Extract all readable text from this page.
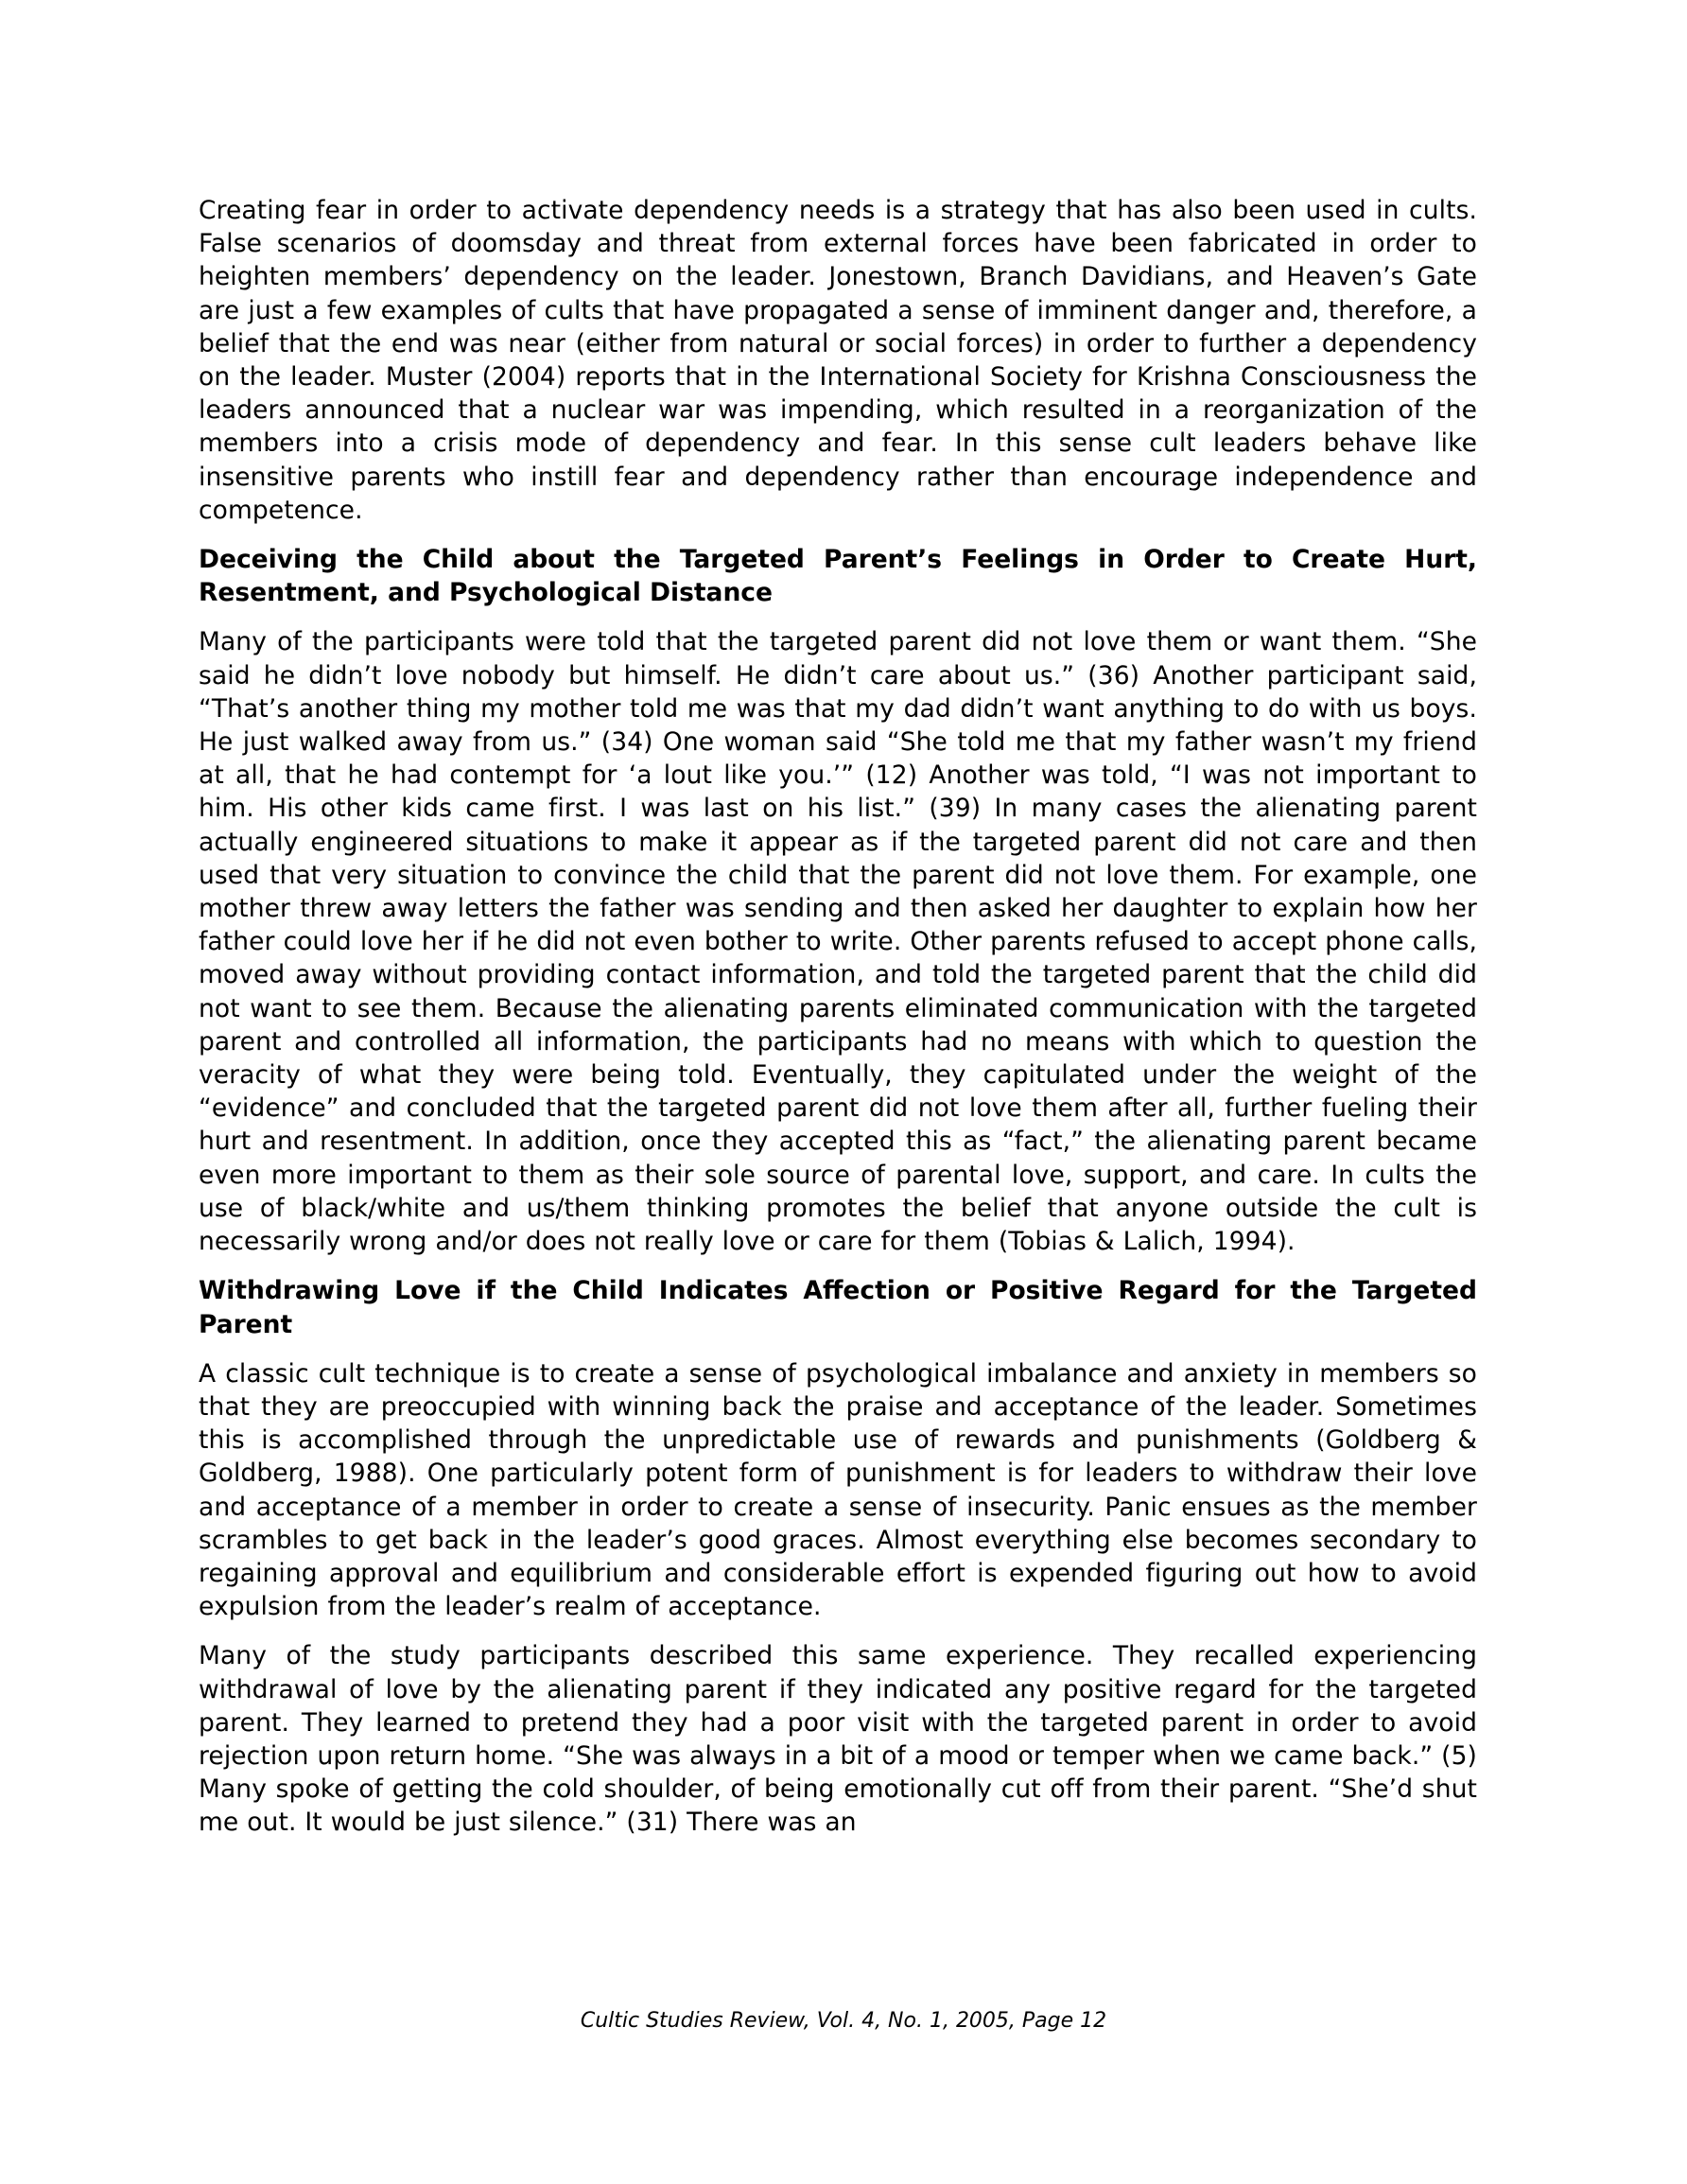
Creating fear in order to activate dependency needs is a strategy that has also been used in cults. False scenarios of doomsday and threat from external forces have been fabricated in order to heighten members’ dependency on the leader. Jonestown, Branch Davidians, and Heaven’s Gate are just a few examples of cults that have propagated a sense of imminent danger and, therefore, a belief that the end was near (either from natural or social forces) in order to further a dependency on the leader. Muster (2004) reports that in the International Society for Krishna Consciousness the leaders announced that a nuclear war was impending, which resulted in a reorganization of the members into a crisis mode of dependency and fear. In this sense cult leaders behave like insensitive parents who instill fear and dependency rather than encourage independence and competence.

Deceiving the Child about the Targeted Parent’s Feelings in Order to Create Hurt, Resentment, and Psychological Distance

Many of the participants were told that the targeted parent did not love them or want them. “She said he didn’t love nobody but himself. He didn’t care about us.” (36) Another participant said, “That’s another thing my mother told me was that my dad didn’t want anything to do with us boys. He just walked away from us.” (34) One woman said “She told me that my father wasn’t my friend at all, that he had contempt for ‘a lout like you.’” (12) Another was told, “I was not important to him. His other kids came first. I was last on his list.” (39) In many cases the alienating parent actually engineered situations to make it appear as if the targeted parent did not care and then used that very situation to convince the child that the parent did not love them. For example, one mother threw away letters the father was sending and then asked her daughter to explain how her father could love her if he did not even bother to write. Other parents refused to accept phone calls, moved away without providing contact information, and told the targeted parent that the child did not want to see them. Because the alienating parents eliminated communication with the targeted parent and controlled all information, the participants had no means with which to question the veracity of what they were being told. Eventually, they capitulated under the weight of the “evidence” and concluded that the targeted parent did not love them after all, further fueling their hurt and resentment. In addition, once they accepted this as “fact,” the alienating parent became even more important to them as their sole source of parental love, support, and care. In cults the use of black/white and us/them thinking promotes the belief that anyone outside the cult is necessarily wrong and/or does not really love or care for them (Tobias & Lalich, 1994).

Withdrawing Love if the Child Indicates Affection or Positive Regard for the Targeted Parent

A classic cult technique is to create a sense of psychological imbalance and anxiety in members so that they are preoccupied with winning back the praise and acceptance of the leader. Sometimes this is accomplished through the unpredictable use of rewards and punishments (Goldberg & Goldberg, 1988). One particularly potent form of punishment is for leaders to withdraw their love and acceptance of a member in order to create a sense of insecurity. Panic ensues as the member scrambles to get back in the leader’s good graces. Almost everything else becomes secondary to regaining approval and equilibrium and considerable effort is expended figuring out how to avoid expulsion from the leader’s realm of acceptance.

Many of the study participants described this same experience. They recalled experiencing withdrawal of love by the alienating parent if they indicated any positive regard for the targeted parent. They learned to pretend they had a poor visit with the targeted parent in order to avoid rejection upon return home. “She was always in a bit of a mood or temper when we came back.” (5) Many spoke of getting the cold shoulder, of being emotionally cut off from their parent. “She’d shut me out. It would be just silence.” (31) There was an

Cultic Studies Review, Vol. 4, No. 1, 2005, Page 12
